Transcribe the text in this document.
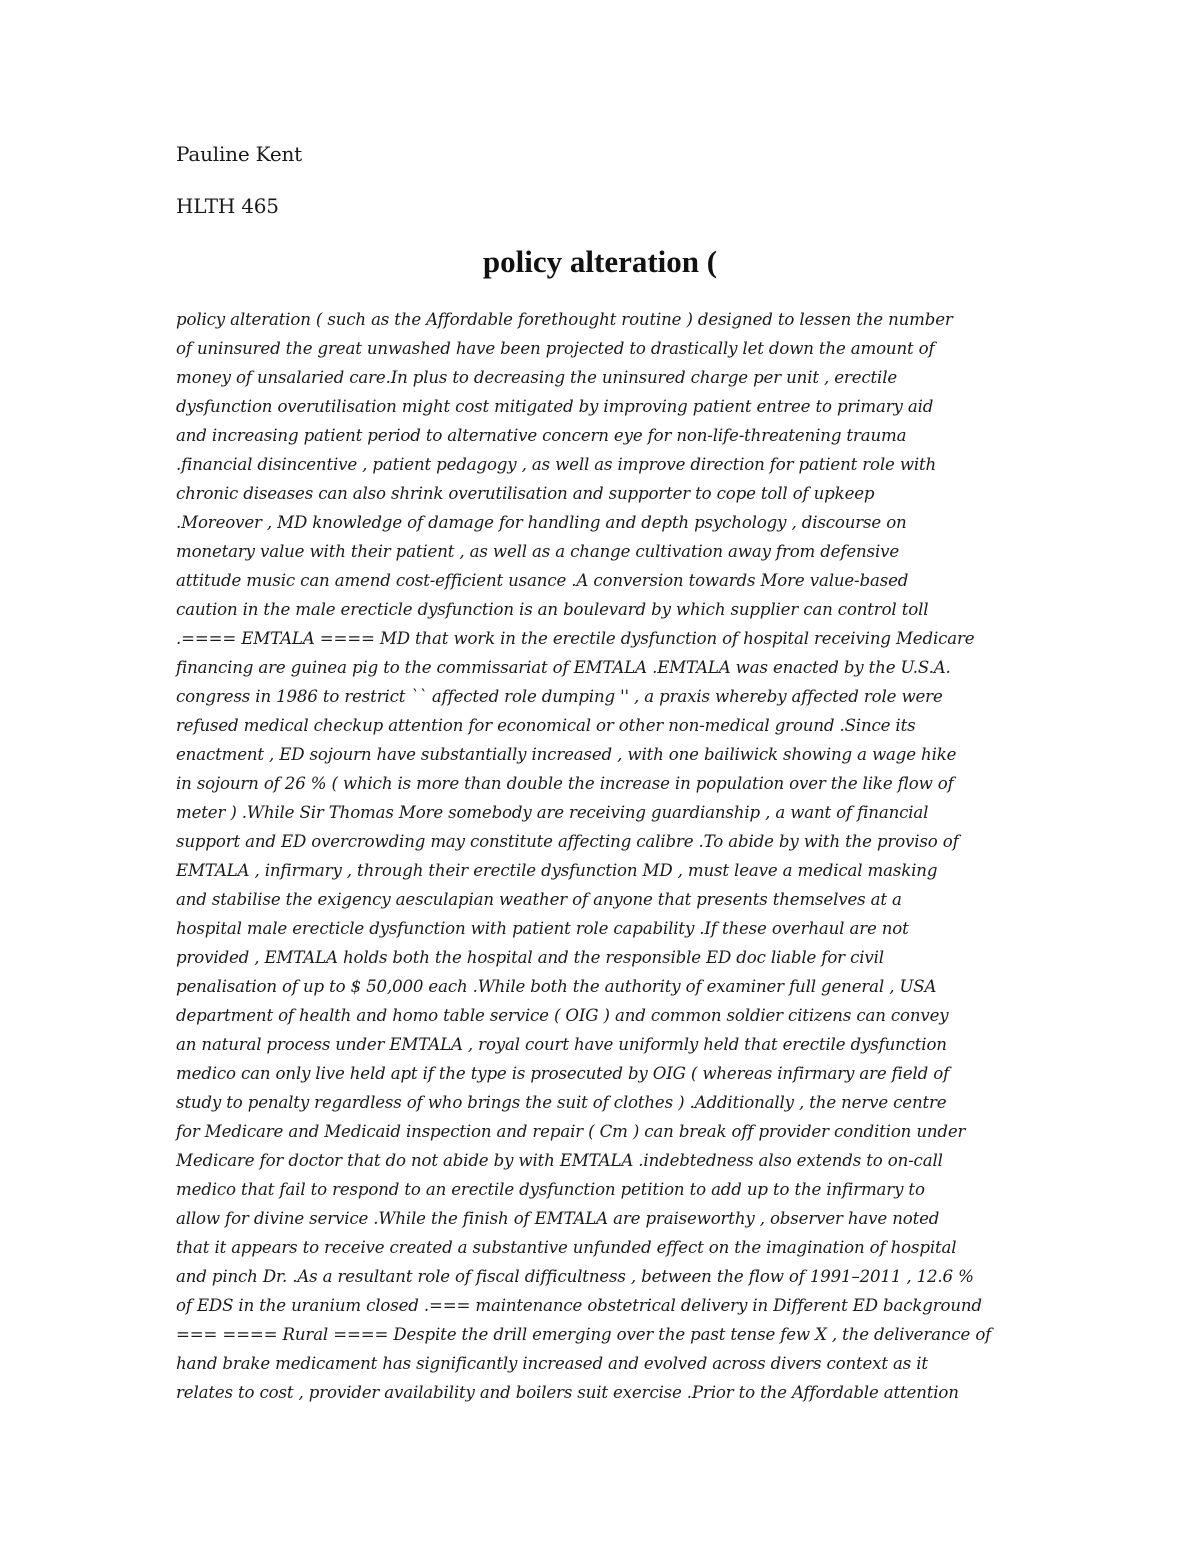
Pauline Kent
HLTH 465
policy alteration (
policy alteration ( such as the Affordable forethought routine ) designed to lessen the number
of uninsured the great unwashed have been projected to drastically let down the amount of
money of unsalaried care.In plus to decreasing the uninsured charge per unit , erectile
dysfunction overutilisation might cost mitigated by improving patient entree to primary aid
and increasing patient period to alternative concern eye for non-life-threatening trauma
.financial disincentive , patient pedagogy , as well as improve direction for patient role with
chronic diseases can also shrink overutilisation and supporter to cope toll of upkeep
.Moreover , MD knowledge of damage for handling and depth psychology , discourse on
monetary value with their patient , as well as a change cultivation away from defensive
attitude music can amend cost-efficient usance .A conversion towards More value-based
caution in the male erecticle dysfunction is an boulevard by which supplier can control toll
.==== EMTALA ==== MD that work in the erectile dysfunction of hospital receiving Medicare
financing are guinea pig to the commissariat of EMTALA .EMTALA was enacted by the U.S.A.
congress in 1986 to restrict `` affected role dumping '' , a praxis whereby affected role were
refused medical checkup attention for economical or other non-medical ground .Since its
enactment , ED sojourn have substantially increased , with one bailiwick showing a wage hike
in sojourn of 26 % ( which is more than double the increase in population over the like flow of
meter ) .While Sir Thomas More somebody are receiving guardianship , a want of financial
support and ED overcrowding may constitute affecting calibre .To abide by with the proviso of
EMTALA , infirmary , through their erectile dysfunction MD , must leave a medical masking
and stabilise the exigency aesculapian weather of anyone that presents themselves at a
hospital male erecticle dysfunction with patient role capability .If these overhaul are not
provided , EMTALA holds both the hospital and the responsible ED doc liable for civil
penalisation of up to $ 50,000 each .While both the authority of examiner full general , USA
department of health and homo table service ( OIG ) and common soldier citizens can convey
an natural process under EMTALA , royal court have uniformly held that erectile dysfunction
medico can only live held apt if the type is prosecuted by OIG ( whereas infirmary are field of
study to penalty regardless of who brings the suit of clothes ) .Additionally , the nerve centre
for Medicare and Medicaid inspection and repair ( Cm ) can break off provider condition under
Medicare for doctor that do not abide by with EMTALA .indebtedness also extends to on-call
medico that fail to respond to an erectile dysfunction petition to add up to the infirmary to
allow for divine service .While the finish of EMTALA are praiseworthy , observer have noted
that it appears to receive created a substantive unfunded effect on the imagination of hospital
and pinch Dr. .As a resultant role of fiscal difficultness , between the flow of 1991–2011 , 12.6 %
of EDS in the uranium closed .=== maintenance obstetrical delivery in Different ED background
=== ==== Rural ==== Despite the drill emerging over the past tense few X , the deliverance of
hand brake medicament has significantly increased and evolved across divers context as it
relates to cost , provider availability and boilers suit exercise .Prior to the Affordable attention
